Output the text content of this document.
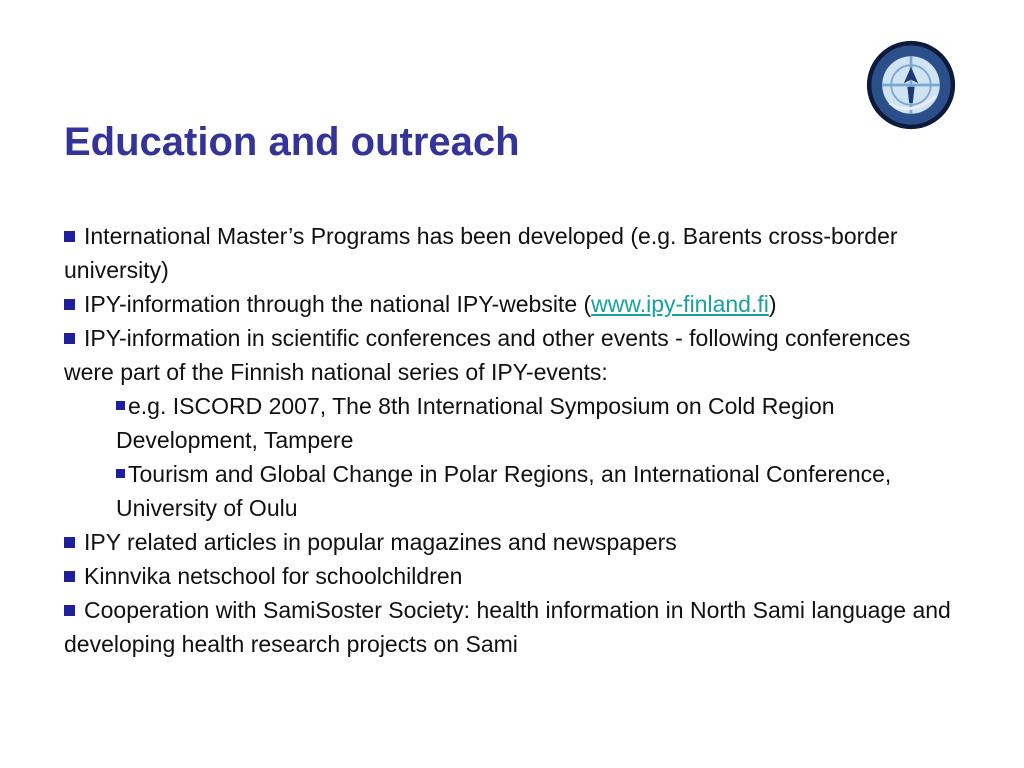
Education and outreach

International Master’s Programs has been developed (e.g. Barents cross-border university)

IPY-information through the national IPY-website (www.ipy-finland.fi)

IPY-information in scientific conferences and other events - following conferences were part of the Finnish national series of IPY-events:

e.g. ISCORD 2007, The 8th International Symposium on Cold Region Development, Tampere

Tourism and Global Change in Polar Regions, an International Conference, University of Oulu

IPY related articles in popular magazines and newspapers

Kinnvika netschool for schoolchildren

Cooperation with SamiSoster Society: health information in North Sami language and developing health research projects on Sami
